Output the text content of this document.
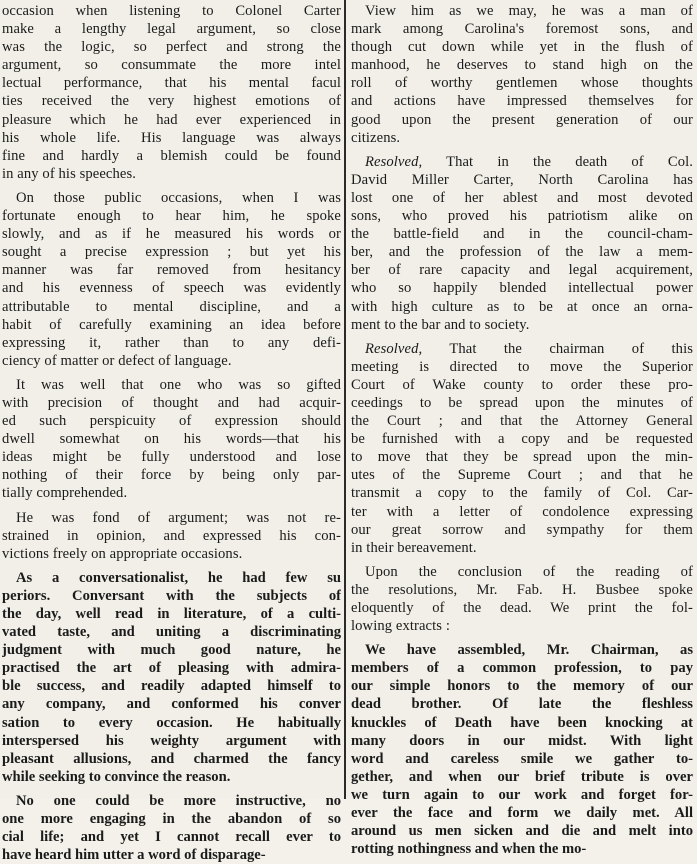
occasion when listening to Colonel Carter
make a lengthy legal argument, so close
was the logic, so perfect and strong the
argument, so consummate the more intel
lectual performance, that his mental facul
ties received the very highest emotions of
pleasure which he had ever experienced in
his whole life. His language was always
fine and hardly a blemish could be found
in any of his speeches.
On those public occasions, when I was
fortunate enough to hear him, he spoke
slowly, and as if he measured his words or
sought a precise expression ; but yet his
manner was far removed from hesitancy
and his evenness of speech was evidently
attributable to mental discipline, and a
habit of carefully examining an idea before
expressing it, rather than to any defi-
ciency of matter or defect of language.
It was well that one who was so gifted
with precision of thought and had acquir-
ed such perspicuity of expression should
dwell somewhat on his words—that his
ideas might be fully understood and lose
nothing of their force by being only par-
tially comprehended.
He was fond of argument; was not re-
strained in opinion, and expressed his con-
victions freely on appropriate occasions.
As a conversationalist, he had few su
periors. Conversant with the subjects of
the day, well read in literature, of a culti-
vated taste, and uniting a discriminating
judgment with much good nature, he
practised the art of pleasing with admira-
ble success, and readily adapted himself to
any company, and conformed his conver
sation to every occasion. He habitually
interspersed his weighty argument with
pleasant allusions, and charmed the fancy
while seeking to convince the reason.
No one could be more instructive, no
one more engaging in the abandon of so
cial life; and yet I cannot recall ever to
have heard him utter a word of disparage-
View him as we may, he was a man of
mark among Carolina's foremost sons, and
though cut down while yet in the flush of
manhood, he deserves to stand high on the
roll of worthy gentlemen whose thoughts
and actions have impressed themselves for
good upon the present generation of our
citizens.
Resolved, That in the death of Col.
David Miller Carter, North Carolina has
lost one of her ablest and most devoted
sons, who proved his patriotism alike on
the battle-field and in the council-cham-
ber, and the profession of the law a mem-
ber of rare capacity and legal acquirement,
who so happily blended intellectual power
with high culture as to be at once an orna-
ment to the bar and to society.
Resolved, That the chairman of this
meeting is directed to move the Superior
Court of Wake county to order these pro-
ceedings to be spread upon the minutes of
the Court ; and that the Attorney General
be furnished with a copy and be requested
to move that they be spread upon the min-
utes of the Supreme Court ; and that he
transmit a copy to the family of Col. Car-
ter with a letter of condolence expressing
our great sorrow and sympathy for them
in their bereavement.
Upon the conclusion of the reading of
the resolutions, Mr. Fab. H. Busbee spoke
eloquently of the dead. We print the fol-
lowing extracts :
We have assembled, Mr. Chairman, as
members of a common profession, to pay
our simple honors to the memory of our
dead brother. Of late the fleshless
knuckles of Death have been knocking at
many doors in our midst. With light
word and careless smile we gather to-
gether, and when our brief tribute is over
we turn again to our work and forget for-
ever the face and form we daily met. All
around us men sicken and die and melt into
rotting nothingness and when the mo-
